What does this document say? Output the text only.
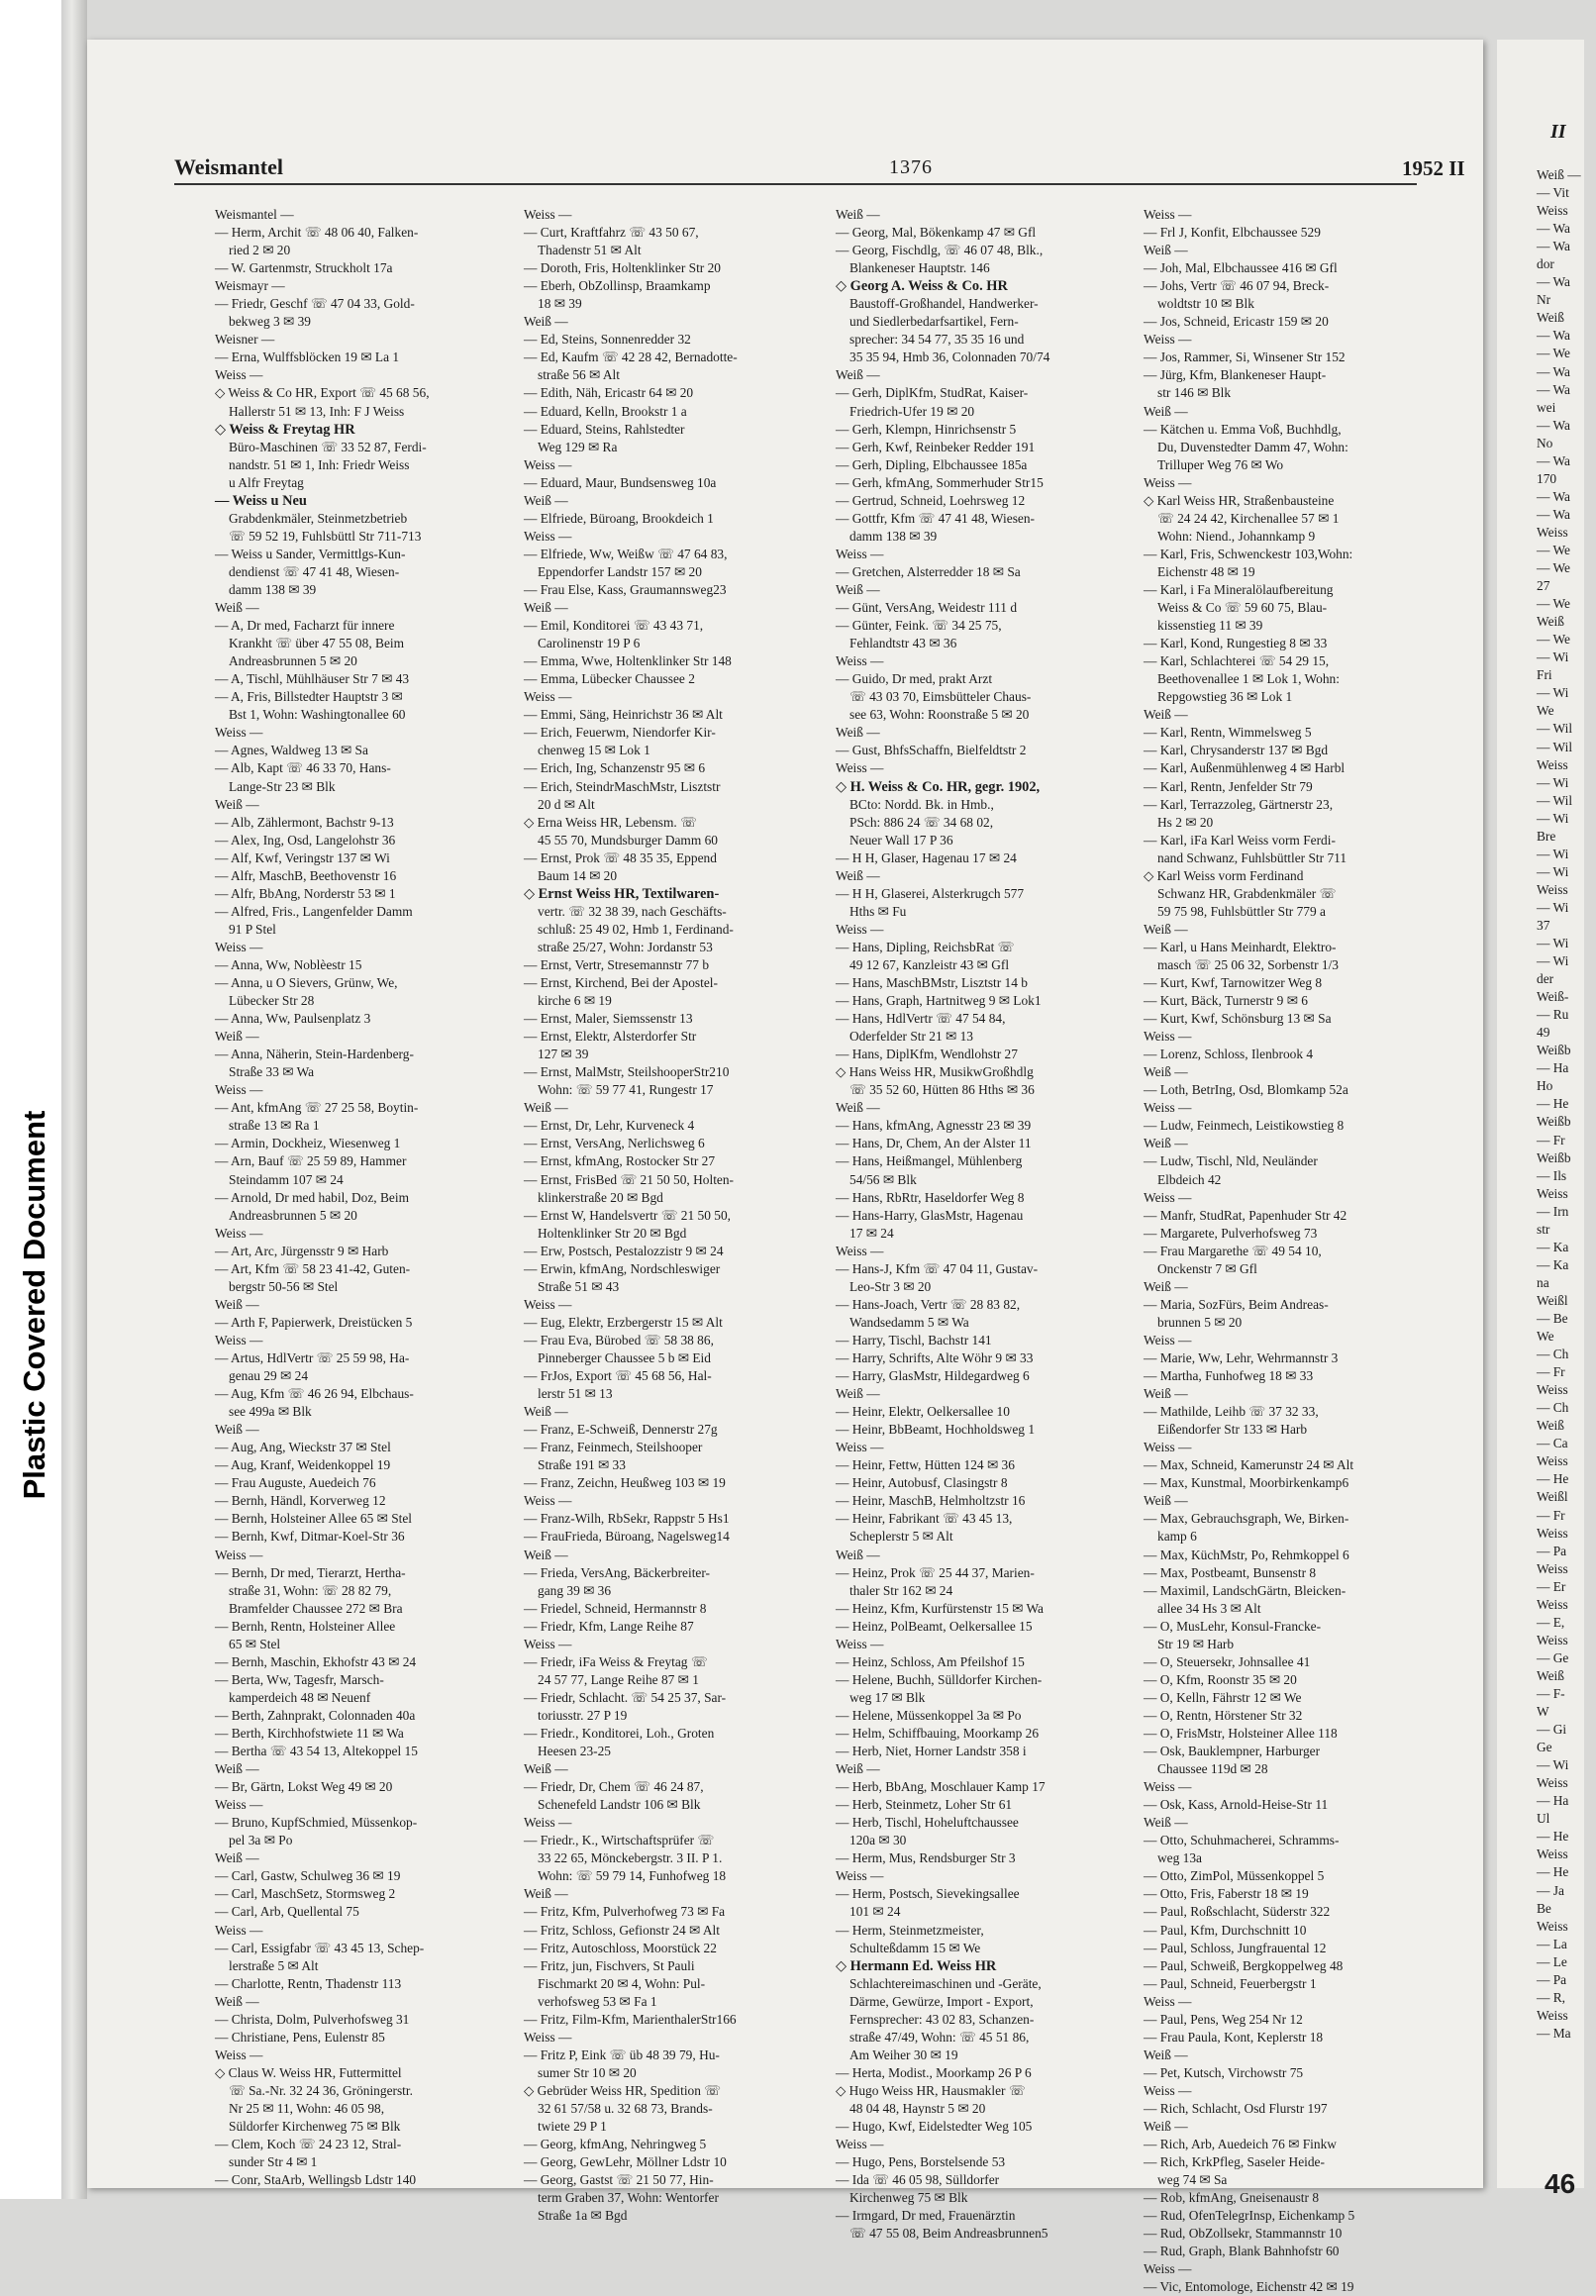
Plastic Covered Document
Weismantel	1376	1952 II
Weismantel —
— Herm, Archit ☏ 48 06 40, Falken-
ried 2 ✉ 20
— W. Gartenmstr, Struckholt 17a
Weismayr —
— Friedr, Geschf ☏ 47 04 33, Gold-
bekweg 3 ✉ 39
Weisner —
— Erna, Wulffsblöcken 19 ✉ La 1
Weiss —
◇ Weiss & Co HR, Export ☏ 45 68 56,
Hallerstr 51 ✉ 13, Inh: F J Weiss
◇ Weiss & Freytag HR
Büro-Maschinen ☏ 33 52 87, Ferdi-
nandstr. 51 ✉ 1, Inh: Friedr Weiss
u Alfr Freytag
— Weiss u Neu
Grabdenkmäler, Steinmetzbetrieb
☏ 59 52 19, Fuhlsbüttl Str 711-713
— Weiss u Sander, Vermittlgs-Kun-
dendienst ☏ 47 41 48, Wiesen-
damm 138 ✉ 39
Weiß —
— A, Dr med, Facharzt für innere
Krankht ☏ über 47 55 08, Beim
Andreasbrunnen 5 ✉ 20
— A, Tischl, Mühlhäuser Str 7 ✉ 43
— A, Fris, Billstedter Hauptstr 3 ✉
Bst 1, Wohn: Washingtonallee 60
Weiss —
— Agnes, Waldweg 13 ✉ Sa
— Alb, Kapt ☏ 46 33 70, Hans-
Lange-Str 23 ✉ Blk
Weiß —
— Alb, Zählermont, Bachstr 9-13
— Alex, Ing, Osd, Langelohstr 36
— Alf, Kwf, Veringstr 137 ✉ Wi
— Alfr, MaschB, Beethovenstr 16
— Alfr, BbAng, Norderstr 53 ✉ 1
— Alfred, Fris., Langenfelder Damm
91 P Stel
Weiss —
— Anna, Ww, Noblèestr 15
— Anna, u O Sievers, Grünw, We,
Lübecker Str 28
— Anna, Ww, Paulsenplatz 3
Weiß —
— Anna, Näherin, Stein-Hardenberg-
Straße 33 ✉ Wa
Weiss —
— Ant, kfmAng ☏ 27 25 58, Boytin-
straße 13 ✉ Ra 1
— Armin, Dockheiz, Wiesenweg 1
— Arn, Bauf ☏ 25 59 89, Hammer
Steindamm 107 ✉ 24
— Arnold, Dr med habil, Doz, Beim
Andreasbrunnen 5 ✉ 20
Weiss —
— Art, Arc, Jürgensstr 9 ✉ Harb
— Art, Kfm ☏ 58 23 41-42, Guten-
bergstr 50-56 ✉ Stel
Weiß —
— Arth F, Papierwerk, Dreistücken 5
Weiss —
— Artus, HdlVertr ☏ 25 59 98, Ha-
genau 29 ✉ 24
— Aug, Kfm ☏ 46 26 94, Elbchaus-
see 499a ✉ Blk
Weiß —
— Aug, Ang, Wieckstr 37 ✉ Stel
— Aug, Kranf, Weidenkoppel 19
— Frau Auguste, Auedeich 76
— Bernh, Händl, Korverweg 12
— Bernh, Holsteiner Allee 65 ✉ Stel
— Bernh, Kwf, Ditmar-Koel-Str 36
Weiss —
— Bernh, Dr med, Tierarzt, Hertha-
straße 31, Wohn: ☏ 28 82 79,
Bramfelder Chaussee 272 ✉ Bra
— Bernh, Rentn, Holsteiner Allee
65 ✉ Stel
— Bernh, Maschin, Ekhofstr 43 ✉ 24
— Berta, Ww, Tagesfr, Marsch-
kamperdeich 48 ✉ Neuenf
— Berth, Zahnprakt, Colonnaden 40a
— Berth, Kirchhofstwiete 11 ✉ Wa
— Bertha ☏ 43 54 13, Altekoppel 15
Weiß —
— Br, Gärtn, Lokst Weg 49 ✉ 20
Weiss —
— Bruno, KupfSchmied, Müssenkop-
pel 3a ✉ Po
Weiß —
— Carl, Gastw, Schulweg 36 ✉ 19
— Carl, MaschSetz, Stormsweg 2
— Carl, Arb, Quellental 75
Weiss —
— Carl, Essigfabr ☏ 43 45 13, Schep-
lerstraße 5 ✉ Alt
— Charlotte, Rentn, Thadenstr 113
Weiß —
— Christa, Dolm, Pulverhofsweg 31
— Christiane, Pens, Eulenstr 85
Weiss —
◇ Claus W. Weiss HR, Futtermittel
☏ Sa.-Nr. 32 24 36, Gröningerstr.
Nr 25 ✉ 11, Wohn: 46 05 98,
Süldorfer Kirchenweg 75 ✉ Blk
— Clem, Koch ☏ 24 23 12, Stral-
sunder Str 4 ✉ 1
— Conr, StaArb, Wellingsb Ldstr 140
Weiss —
— Curt, Kraftfahrz ☏ 43 50 67,
Thadenstr 51 ✉ Alt
— Doroth, Fris, Holtenklinker Str 20
— Eberh, ObZollinsp, Braamkamp
18 ✉ 39
Weiß —
— Ed, Steins, Sonnenredder 32
— Ed, Kaufm ☏ 42 28 42, Bernadotte-
straße 56 ✉ Alt
— Edith, Näh, Ericastr 64 ✉ 20
— Eduard, Kelln, Brookstr 1 a
— Eduard, Steins, Rahlstedter
Weg 129 ✉ Ra
Weiss —
— Eduard, Maur, Bundsensweg 10a
Weiß —
— Elfriede, Büroang, Brookdeich 1
Weiss —
— Elfriede, Ww, Weißw ☏ 47 64 83,
Eppendorfer Landstr 157 ✉ 20
— Frau Else, Kass, Graumannsweg23
Weiß —
— Emil, Konditorei ☏ 43 43 71,
Carolinenstr 19 P 6
— Emma, Wwe, Holtenklinker Str 148
— Emma, Lübecker Chaussee 2
Weiss —
— Emmi, Säng, Heinrichstr 36 ✉ Alt
— Erich, Feuerwm, Niendorfer Kir-
chenweg 15 ✉ Lok 1
— Erich, Ing, Schanzenstr 95 ✉ 6
— Erich, SteindrMaschMstr, Lisztstr
20 d ✉ Alt
◇ Erna Weiss HR, Lebensm. ☏
45 55 70, Mundsburger Damm 60
— Ernst, Prok ☏ 48 35 35, Eppend
Baum 14 ✉ 20
◇ Ernst Weiss HR, Textilwaren-
vertr. ☏ 32 38 39, nach Geschäfts-
schluß: 25 49 02, Hmb 1, Ferdinand-
straße 25/27, Wohn: Jordanstr 53
— Ernst, Vertr, Stresemannstr 77 b
— Ernst, Kirchend, Bei der Apostel-
kirche 6 ✉ 19
— Ernst, Maler, Siemssenstr 13
— Ernst, Elektr, Alsterdorfer Str
127 ✉ 39
— Ernst, MalMstr, SteilshooperStr210
Wohn: ☏ 59 77 41, Rungestr 17
Weiß —
— Ernst, Dr, Lehr, Kurveneck 4
— Ernst, VersAng, Nerlichsweg 6
— Ernst, kfmAng, Rostocker Str 27
— Ernst, FrisBed ☏ 21 50 50, Holten-
klinkerstraße 20 ✉ Bgd
— Ernst W, Handelsvertr ☏ 21 50 50,
Holtenklinker Str 20 ✉ Bgd
— Erw, Postsch, Pestalozzistr 9 ✉ 24
— Erwin, kfmAng, Nordschleswiger
Straße 51 ✉ 43
Weiss —
— Eug, Elektr, Erzbergerstr 15 ✉ Alt
— Frau Eva, Bürobed ☏ 58 38 86,
Pinneberger Chaussee 5 b ✉ Eid
— FrJos, Export ☏ 45 68 56, Hal-
lerstr 51 ✉ 13
Weiß —
— Franz, E-Schweiß, Dennerstr 27g
— Franz, Feinmech, Steilshooper
Straße 191 ✉ 33
— Franz, Zeichn, Heußweg 103 ✉ 19
Weiss —
— Franz-Wilh, RbSekr, Rappstr 5 Hs1
— FrauFrieda, Büroang, Nagelsweg14
Weiß —
— Frieda, VersAng, Bäckerbreiter-
gang 39 ✉ 36
— Friedel, Schneid, Hermannstr 8
— Friedr, Kfm, Lange Reihe 87
Weiss —
— Friedr, iFa Weiss & Freytag ☏
24 57 77, Lange Reihe 87 ✉ 1
— Friedr, Schlacht. ☏ 54 25 37, Sar-
toriusstr. 27 P 19
— Friedr., Konditorei, Loh., Groten
Heesen 23-25
Weiß —
— Friedr, Dr, Chem ☏ 46 24 87,
Schenefeld Landstr 106 ✉ Blk
Weiss —
— Friedr., K., Wirtschaftsprüfer ☏
33 22 65, Mönckebergstr. 3 II. P 1.
Wohn: ☏ 59 79 14, Funhofweg 18
Weiß —
— Fritz, Kfm, Pulverhofweg 73 ✉ Fa
— Fritz, Schloss, Gefionstr 24 ✉ Alt
— Fritz, Autoschloss, Moorstück 22
— Fritz, jun, Fischvers, St Pauli
Fischmarkt 20 ✉ 4, Wohn: Pul-
verhofsweg 53 ✉ Fa 1
— Fritz, Film-Kfm, MarienthalerStr166
Weiss —
— Fritz P, Eink ☏ üb 48 39 79, Hu-
sumer Str 10 ✉ 20
◇ Gebrüder Weiss HR, Spedition ☏
32 61 57/58 u. 32 68 73, Brands-
twiete 29 P 1
— Georg, kfmAng, Nehringweg 5
— Georg, GewLehr, Möllner Ldstr 10
— Georg, Gastst ☏ 21 50 77, Hin-
term Graben 37, Wohn: Wentorfer
Straße 1a ✉ Bgd
Weiß —
— Georg, Mal, Bökenkamp 47 ✉ Gfl
— Georg, Fischdlg, ☏ 46 07 48, Blk.,
Blankeneser Hauptstr. 146
◇ Georg A. Weiss & Co. HR
Baustoff-Großhandel, Handwerker-
und Siedlerbedarfsartikel, Fern-
sprecher: 34 54 77, 35 35 16 und
35 35 94, Hmb 36, Colonnaden 70/74
Weiß —
— Gerh, DiplKfm, StudRat, Kaiser-
Friedrich-Ufer 19 ✉ 20
— Gerh, Klempn, Hinrichsenstr 5
— Gerh, Kwf, Reinbeker Redder 191
— Gerh, Dipling, Elbchaussee 185a
— Gerh, kfmAng, Sommerhuder Str15
— Gertrud, Schneid, Loehrsweg 12
— Gottfr, Kfm ☏ 47 41 48, Wiesen-
damm 138 ✉ 39
Weiss —
— Gretchen, Alsterredder 18 ✉ Sa
Weiß —
— Günt, VersAng, Weidestr 111 d
— Günter, Feink. ☏ 34 25 75,
Fehlandtstr 43 ✉ 36
Weiss —
— Guido, Dr med, prakt Arzt
☏ 43 03 70, Eimsbütteler Chaus-
see 63, Wohn: Roonstraße 5 ✉ 20
Weiß —
— Gust, BhfsSchaffn, Bielfeldtstr 2
Weiss —
◇ H. Weiss & Co. HR, gegr. 1902,
BCto: Nordd. Bk. in Hmb.,
PSch: 886 24 ☏ 34 68 02,
Neuer Wall 17 P 36
— H H, Glaser, Hagenau 17 ✉ 24
Weiß —
— H H, Glaserei, Alsterkrugch 577
Hths ✉ Fu
Weiss —
— Hans, Dipling, ReichsbRat ☏
49 12 67, Kanzleistr 43 ✉ Gfl
— Hans, MaschBMstr, Lisztstr 14 b
— Hans, Graph, Hartnitweg 9 ✉ Lok1
— Hans, HdlVertr ☏ 47 54 84,
Oderfelder Str 21 ✉ 13
— Hans, DiplKfm, Wendlohstr 27
◇ Hans Weiss HR, MusikwGroßhdlg
☏ 35 52 60, Hütten 86 Hths ✉ 36
Weiß —
— Hans, kfmAng, Agnesstr 23 ✉ 39
— Hans, Dr, Chem, An der Alster 11
— Hans, Heißmangel, Mühlenberg
54/56 ✉ Blk
— Hans, RbRtr, Haseldorfer Weg 8
— Hans-Harry, GlasMstr, Hagenau
17 ✉ 24
Weiss —
— Hans-J, Kfm ☏ 47 04 11, Gustav-
Leo-Str 3 ✉ 20
— Hans-Joach, Vertr ☏ 28 83 82,
Wandsedamm 5 ✉ Wa
— Harry, Tischl, Bachstr 141
— Harry, Schrifts, Alte Wöhr 9 ✉ 33
— Harry, GlasMstr, Hildegardweg 6
Weiß —
— Heinr, Elektr, Oelkersallee 10
— Heinr, BbBeamt, Hochholdsweg 1
Weiss —
— Heinr, Fettw, Hütten 124 ✉ 36
— Heinr, Autobusf, Clasingstr 8
— Heinr, MaschB, Helmholtzstr 16
— Heinr, Fabrikant ☏ 43 45 13,
Scheplerstr 5 ✉ Alt
Weiß —
— Heinz, Prok ☏ 25 44 37, Marien-
thaler Str 162 ✉ 24
— Heinz, Kfm, Kurfürstenstr 15 ✉ Wa
— Heinz, PolBeamt, Oelkersallee 15
Weiss —
— Heinz, Schloss, Am Pfeilshof 15
— Helene, Buchh, Sülldorfer Kirchen-
weg 17 ✉ Blk
— Helene, Müssenkoppel 3a ✉ Po
— Helm, Schiffbauing, Moorkamp 26
— Herb, Niet, Horner Landstr 358 i
Weiß —
— Herb, BbAng, Moschlauer Kamp 17
— Herb, Steinmetz, Loher Str 61
— Herb, Tischl, Hoheluftchaussee
120a ✉ 30
— Herm, Mus, Rendsburger Str 3
Weiss —
— Herm, Postsch, Sievekingsallee
101 ✉ 24
— Herm, Steinmetzmeister,
Schulteßdamm 15 ✉ We
◇ Hermann Ed. Weiss HR
Schlachtereimaschinen und -Geräte,
Därme, Gewürze, Import - Export,
Fernsprecher: 43 02 83, Schanzen-
straße 47/49, Wohn: ☏ 45 51 86,
Am Weiher 30 ✉ 19
— Herta, Modist., Moorkamp 26 P 6
◇ Hugo Weiss HR, Hausmakler ☏
48 04 48, Haynstr 5 ✉ 20
— Hugo, Kwf, Eidelstedter Weg 105
Weiss —
— Hugo, Pens, Borstelsende 53
— Ida ☏ 46 05 98, Sülldorfer
Kirchenweg 75 ✉ Blk
— Irmgard, Dr med, Frauenärztin
☏ 47 55 08, Beim Andreasbrunnen5
Weiss —
— Frl J, Konfit, Elbchaussee 529
Weiß —
— Joh, Mal, Elbchaussee 416 ✉ Gfl
— Johs, Vertr ☏ 46 07 94, Breck-
woldtstr 10 ✉ Blk
— Jos, Schneid, Ericastr 159 ✉ 20
Weiss —
— Jos, Rammer, Si, Winsener Str 152
— Jürg, Kfm, Blankeneser Haupt-
str 146 ✉ Blk
Weiß —
— Kätchen u. Emma Voß, Buchhdlg,
Du, Duvenstedter Damm 47, Wohn:
Trilluper Weg 76 ✉ Wo
Weiss —
◇ Karl Weiss HR, Straßenbausteine
☏ 24 24 42, Kirchenallee 57 ✉ 1
Wohn: Niend., Johannkamp 9
— Karl, Fris, Schwenckestr 103,Wohn:
Eichenstr 48 ✉ 19
— Karl, i Fa Mineralölaufbereitung
Weiss & Co ☏ 59 60 75, Blau-
kissenstieg 11 ✉ 39
— Karl, Kond, Rungestieg 8 ✉ 33
— Karl, Schlachterei ☏ 54 29 15,
Beethovenallee 1 ✉ Lok 1, Wohn:
Repgowstieg 36 ✉ Lok 1
Weiß —
— Karl, Rentn, Wimmelsweg 5
— Karl, Chrysanderstr 137 ✉ Bgd
— Karl, Außenmühlenweg 4 ✉ Harbl
— Karl, Rentn, Jenfelder Str 79
— Karl, Terrazzoleg, Gärtnerstr 23,
Hs 2 ✉ 20
— Karl, iFa Karl Weiss vorm Ferdi-
nand Schwanz, Fuhlsbüttler Str 711
◇ Karl Weiss vorm Ferdinand
Schwanz HR, Grabdenkmäler ☏
59 75 98, Fuhlsbüttler Str 779 a
Weiß —
— Karl, u Hans Meinhardt, Elektro-
masch ☏ 25 06 32, Sorbenstr 1/3
— Kurt, Kwf, Tarnowitzer Weg 8
— Kurt, Bäck, Turnerstr 9 ✉ 6
— Kurt, Kwf, Schönsburg 13 ✉ Sa
Weiss —
— Lorenz, Schloss, Ilenbrook 4
Weiß —
— Loth, BetrIng, Osd, Blomkamp 52a
Weiss —
— Ludw, Feinmech, Leistikowstieg 8
Weiß —
— Ludw, Tischl, Nld, Neuländer
Elbdeich 42
Weiss —
— Manfr, StudRat, Papenhuder Str 42
— Margarete, Pulverhofsweg 73
— Frau Margarethe ☏ 49 54 10,
Onckenstr 7 ✉ Gfl
Weiß —
— Maria, SozFürs, Beim Andreas-
brunnen 5 ✉ 20
Weiss —
— Marie, Ww, Lehr, Wehrmannstr 3
— Martha, Funhofweg 18 ✉ 33
Weiß —
— Mathilde, Leihb ☏ 37 32 33,
Eißendorfer Str 133 ✉ Harb
Weiss —
— Max, Schneid, Kamerunstr 24 ✉ Alt
— Max, Kunstmal, Moorbirkenkamp6
Weiß —
— Max, Gebrauchsgraph, We, Birken-
kamp 6
— Max, KüchMstr, Po, Rehmkoppel 6
— Max, Postbeamt, Bunsenstr 8
— Maximil, LandschGärtn, Bleicken-
allee 34 Hs 3 ✉ Alt
— O, MusLehr, Konsul-Francke-
Str 19 ✉ Harb
— O, Steuersekr, Johnsallee 41
— O, Kfm, Roonstr 35 ✉ 20
— O, Kelln, Fährstr 12 ✉ We
— O, Rentn, Hörstener Str 32
— O, FrisMstr, Holsteiner Allee 118
— Osk, Bauklempner, Harburger
Chaussee 119d ✉ 28
Weiss —
— Osk, Kass, Arnold-Heise-Str 11
Weiß —
— Otto, Schuhmacherei, Schramms-
weg 13a
— Otto, ZimPol, Müssenkoppel 5
— Otto, Fris, Faberstr 18 ✉ 19
— Paul, Roßschlacht, Süderstr 322
— Paul, Kfm, Durchschnitt 10
— Paul, Schloss, Jungfrauental 12
— Paul, Schweiß, Bergkoppelweg 48
— Paul, Schneid, Feuerbergstr 1
Weiss —
— Paul, Pens, Weg 254 Nr 12
— Frau Paula, Kont, Keplerstr 18
Weiß —
— Pet, Kutsch, Virchowstr 75
Weiss —
— Rich, Schlacht, Osd Flurstr 197
Weiß —
— Rich, Arb, Auedeich 76 ✉ Finkw
— Rich, KrkPfleg, Saseler Heide-
weg 74 ✉ Sa
— Rob, kfmAng, Gneisenaustr 8
— Rud, OfenTelegrInsp, Eichenkamp 5
— Rud, ObZollsekr, Stammannstr 10
— Rud, Graph, Blank Bahnhofstr 60
Weiss —
— Vic, Entomologe, Eichenstr 42 ✉ 19
II
Weiß —
— Vit
Weiss
— Wa
— Wa
dor
— Wa
Nr
Weiß
— Wa
— We
— Wa
— Wa
wei
— Wa
No
— Wa
170
— Wa
— Wa
Weiss
— We
— We
27
— We
Weiß
— We
— Wi
Fri
— Wi
We
— Wil
— Wil
Weiss
— Wi
— Wil
— Wi
Bre
— Wi
— Wi
Weiss
— Wi
37
— Wi
— Wi
der
Weiß-
— Ru
49
Weißb
— Ha
Ho
— He
Weißb
— Fr
Weißb
— Ils
Weiss
— Irn
str
— Ka
— Ka
na
Weißl
— Be
We
— Ch
— Fr
Weiss
— Ch
Weiß
— Ca
Weiss
— He
Weißl
— Fr
Weiss
— Pa
Weiss
— Er
Weiss
— E,
Weiss
— Ge
Weiß
— F-
W
— Gi
Ge
— Wi
Weiss
— Ha
Ul
— He
Weiss
— He
— Ja
Be
Weiss
— La
— Le
— Pa
— R,
Weiss
— Ma
46
